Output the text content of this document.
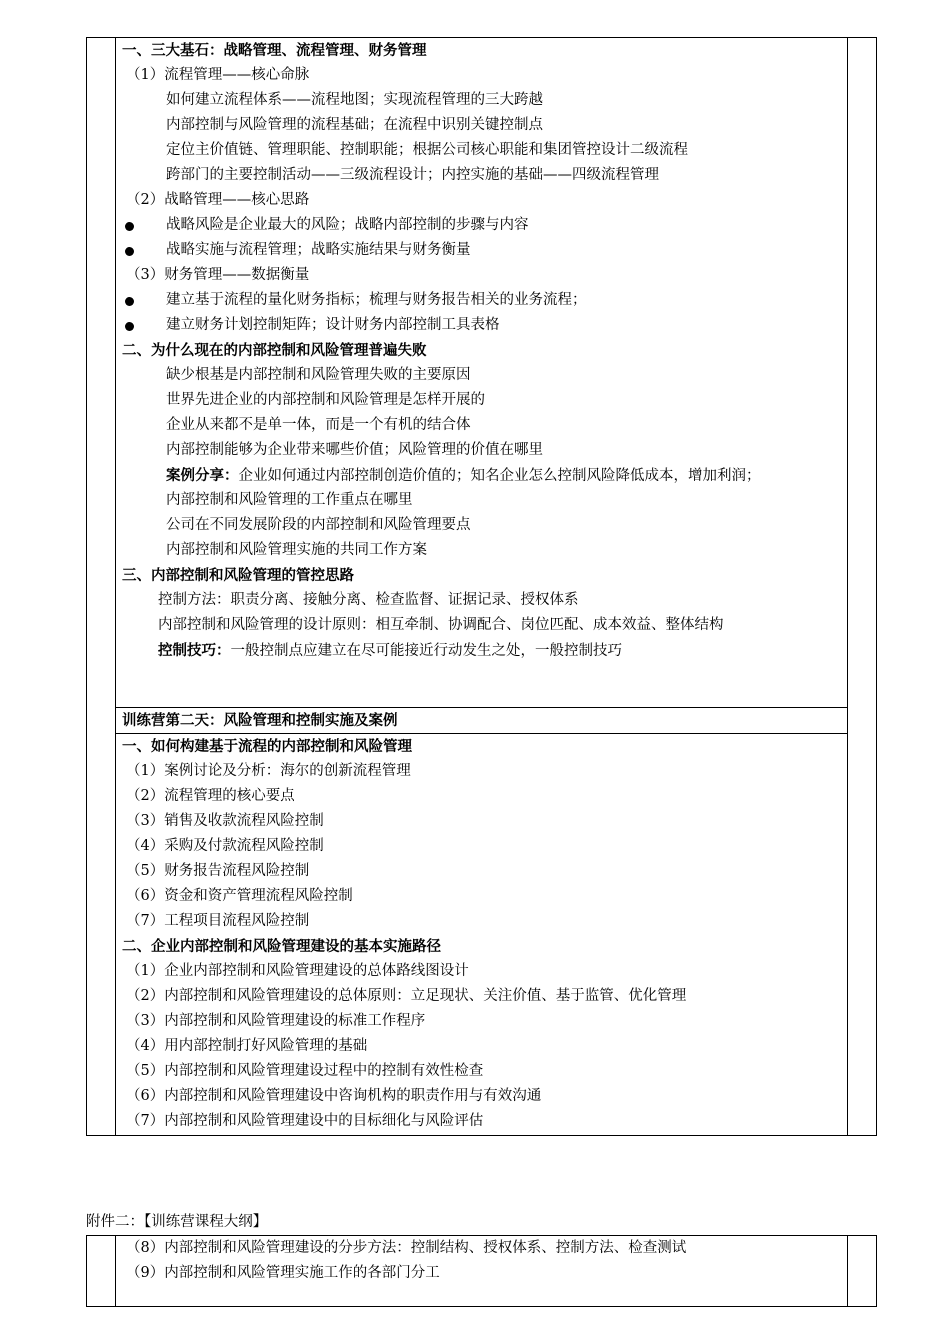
一、三大基石：战略管理、流程管理、财务管理
（1）流程管理——核心命脉
如何建立流程体系——流程地图；实现流程管理的三大跨越
内部控制与风险管理的流程基础；在流程中识别关键控制点
定位主价值链、管理职能、控制职能；根据公司核心职能和集团管控设计二级流程
跨部门的主要控制活动——三级流程设计；内控实施的基础——四级流程管理
（2）战略管理——核心思路
战略风险是企业最大的风险；战略内部控制的步骤与内容
战略实施与流程管理；战略实施结果与财务衡量
（3）财务管理——数据衡量
建立基于流程的量化财务指标；梳理与财务报告相关的业务流程；
建立财务计划控制矩阵；设计财务内部控制工具表格
二、为什么现在的内部控制和风险管理普遍失败
缺少根基是内部控制和风险管理失败的主要原因
世界先进企业的内部控制和风险管理是怎样开展的
企业从来都不是单一体，而是一个有机的结合体
内部控制能够为企业带来哪些价值；风险管理的价值在哪里
案例分享：企业如何通过内部控制创造价值的；知名企业怎么控制风险降低成本，增加利润；
内部控制和风险管理的工作重点在哪里
公司在不同发展阶段的内部控制和风险管理要点
内部控制和风险管理实施的共同工作方案
三、内部控制和风险管理的管控思路
控制方法：职责分离、接触分离、检查监督、证据记录、授权体系
内部控制和风险管理的设计原则：相互牵制、协调配合、岗位匹配、成本效益、整体结构
控制技巧：一般控制点应建立在尽可能接近行动发生之处，一般控制技巧
训练营第二天：风险管理和控制实施及案例
一、如何构建基于流程的内部控制和风险管理
（1）案例讨论及分析：海尔的创新流程管理
（2）流程管理的核心要点
（3）销售及收款流程风险控制
（4）采购及付款流程风险控制
（5）财务报告流程风险控制
（6）资金和资产管理流程风险控制
（7）工程项目流程风险控制
二、企业内部控制和风险管理建设的基本实施路径
（1）企业内部控制和风险管理建设的总体路线图设计
（2）内部控制和风险管理建设的总体原则：立足现状、关注价值、基于监管、优化管理
（3）内部控制和风险管理建设的标准工作程序
（4）用内部控制打好风险管理的基础
（5）内部控制和风险管理建设过程中的控制有效性检查
（6）内部控制和风险管理建设中咨询机构的职责作用与有效沟通
（7）内部控制和风险管理建设中的目标细化与风险评估

附件二：【训练营课程大纲】

（8）内部控制和风险管理建设的分步方法：控制结构、授权体系、控制方法、检查测试
（9）内部控制和风险管理实施工作的各部门分工
